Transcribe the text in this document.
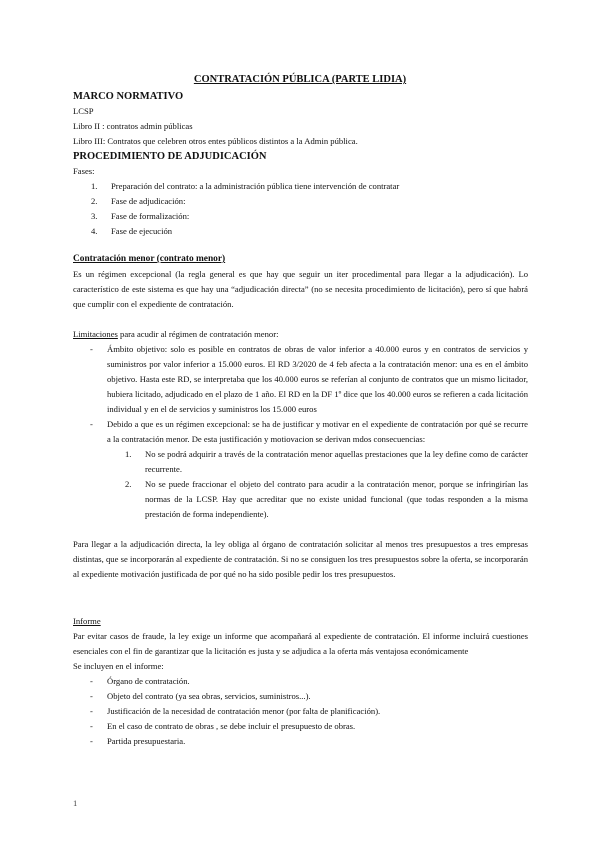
CONTRATACIÓN PÚBLICA (PARTE LIDIA)
MARCO NORMATIVO
LCSP
Libro II : contratos admin públicas
Libro III: Contratos que celebren otros entes públicos distintos a la Admin pública.
PROCEDIMIENTO DE ADJUDICACIÓN
Fases:
1.	Preparación del contrato: a la administración pública tiene intervención de contratar
2.	Fase de adjudicación:
3.	Fase de formalización:
4.	Fase de ejecución
Contratación menor (contrato menor)
Es un régimen excepcional (la regla general es que hay que seguir un iter procedimental para llegar a la adjudicación). Lo característico de este sistema es que hay una “adjudicación directa” (no se necesita procedimiento de licitación), pero sí que habrá que cumplir con el expediente de contratación.
Limitaciones para acudir al régimen de contratación menor:
- Ámbito objetivo: solo es posible en contratos de obras de valor inferior a 40.000 euros y en contratos de servicios y suministros por valor inferior a 15.000 euros. El RD 3/2020 de 4 feb afecta a la contratación menor: una es en el ámbito objetivo. Hasta este RD, se interpretaba que los 40.000 euros se referían al conjunto de contratos que un mismo licitador, hubiera licitado, adjudicado en el plazo de 1 año. El RD en la DF 1º dice que los 40.000 euros se refieren a cada licitación individual y en el de servicios y suministros los 15.000 euros
- Debido a que es un régimen excepcional: se ha de justificar y motivar en el expediente de contratación por qué se recurre a la contratación menor. De esta justificación y motiovacion se derivan mdos consecuencias:
1. No se podrá adquirir a través de la contratación menor aquellas prestaciones que la ley define como de carácter recurrente.
2. No se puede fraccionar el objeto del contrato para acudir a la contratación menor, porque se infringirían las normas de la LCSP. Hay que acreditar que no existe unidad funcional (que todas responden a la misma prestación de forma independiente).
Para llegar a la adjudicación directa, la ley obliga al órgano de contratación solicitar al menos tres presupuestos a tres empresas distintas, que se incorporarán al expediente de contratación. Si no se consiguen los tres presupuestos sobre la oferta, se incorporarán al expediente motivación justificada de por qué no ha sido posible pedir los tres presupuestos.
Informe
Par evitar casos de fraude, la ley exige un informe que acompañará al expediente de contratación. El informe incluirá cuestiones esenciales con el fin de garantizar que la licitación es justa y se adjudica a la oferta más ventajosa económicamente
Se incluyen en el informe:
- Órgano de contratación.
- Objeto del contrato (ya sea obras, servicios, suministros...).
- Justificación de la necesidad de contratación menor (por falta de planificación).
- En el caso de contrato de obras , se debe incluir el presupuesto de obras.
- Partida presupuestaria.
1
